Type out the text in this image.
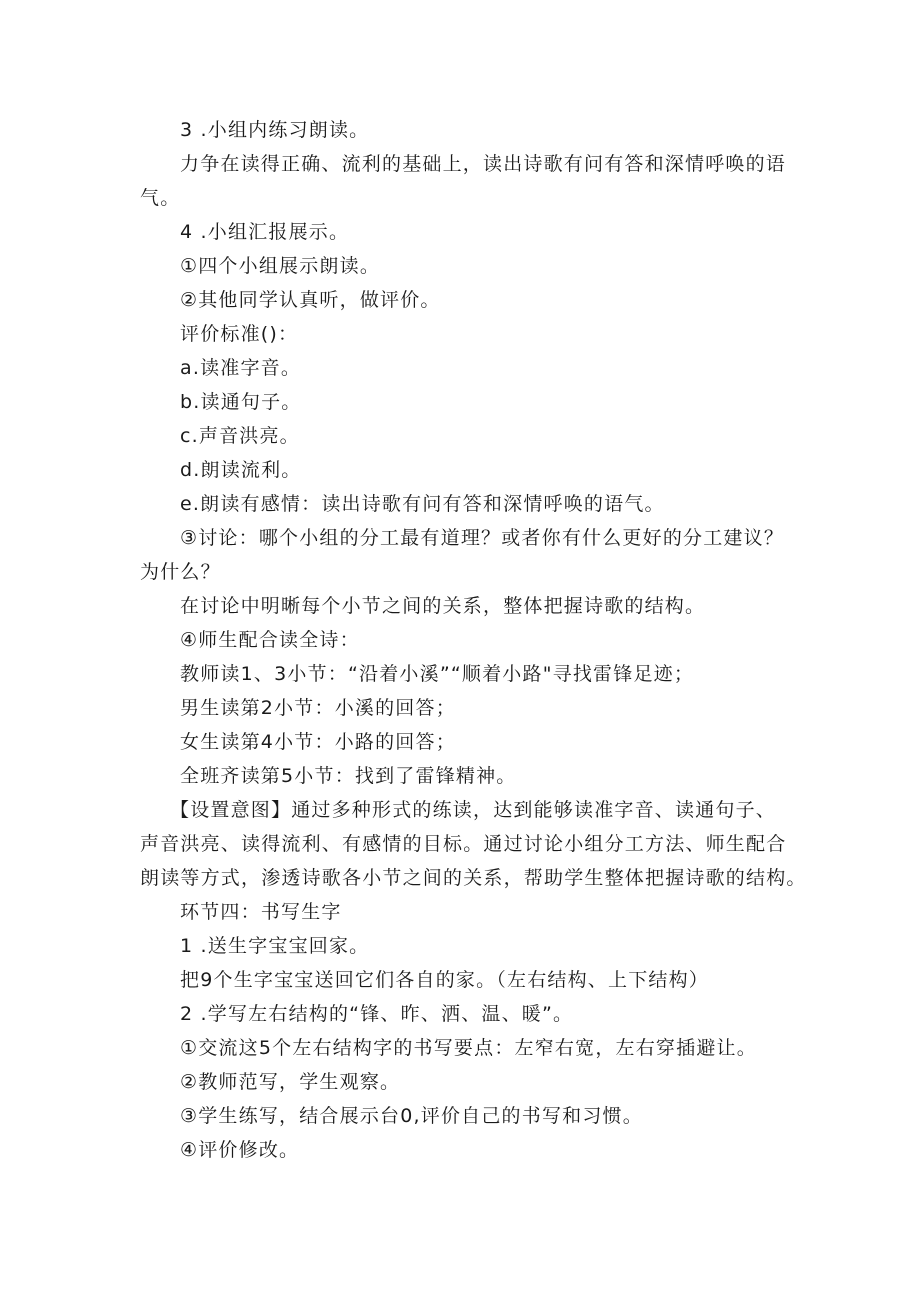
3 .小组内练习朗读。
力争在读得正确、流利的基础上，读出诗歌有问有答和深情呼唤的语
气。
4 .小组汇报展示。
①四个小组展示朗读。
②其他同学认真听，做评价。
评价标准()：
a.读准字音。
b.读通句子。
c.声音洪亮。
d.朗读流利。
e.朗读有感情：读出诗歌有问有答和深情呼唤的语气。
③讨论：哪个小组的分工最有道理？或者你有什么更好的分工建议？
为什么？
在讨论中明晰每个小节之间的关系，整体把握诗歌的结构。
④师生配合读全诗：
教师读1、3小节：“沿着小溪”“顺着小路"寻找雷锋足迹；
男生读第2小节：小溪的回答；
女生读第4小节：小路的回答；
全班齐读第5小节：找到了雷锋精神。
【设置意图】通过多种形式的练读，达到能够读准字音、读通句子、
声音洪亮、读得流利、有感情的目标。通过讨论小组分工方法、师生配合
朗读等方式，渗透诗歌各小节之间的关系，帮助学生整体把握诗歌的结构。
环节四：书写生字
1 .送生字宝宝回家。
把9个生字宝宝送回它们各自的家。（左右结构、上下结构）
2 .学写左右结构的“锋、昨、洒、温、暖”。
①交流这5个左右结构字的书写要点：左窄右宽，左右穿插避让。
②教师范写，学生观察。
③学生练写，结合展示台0,评价自己的书写和习惯。
④评价修改。
